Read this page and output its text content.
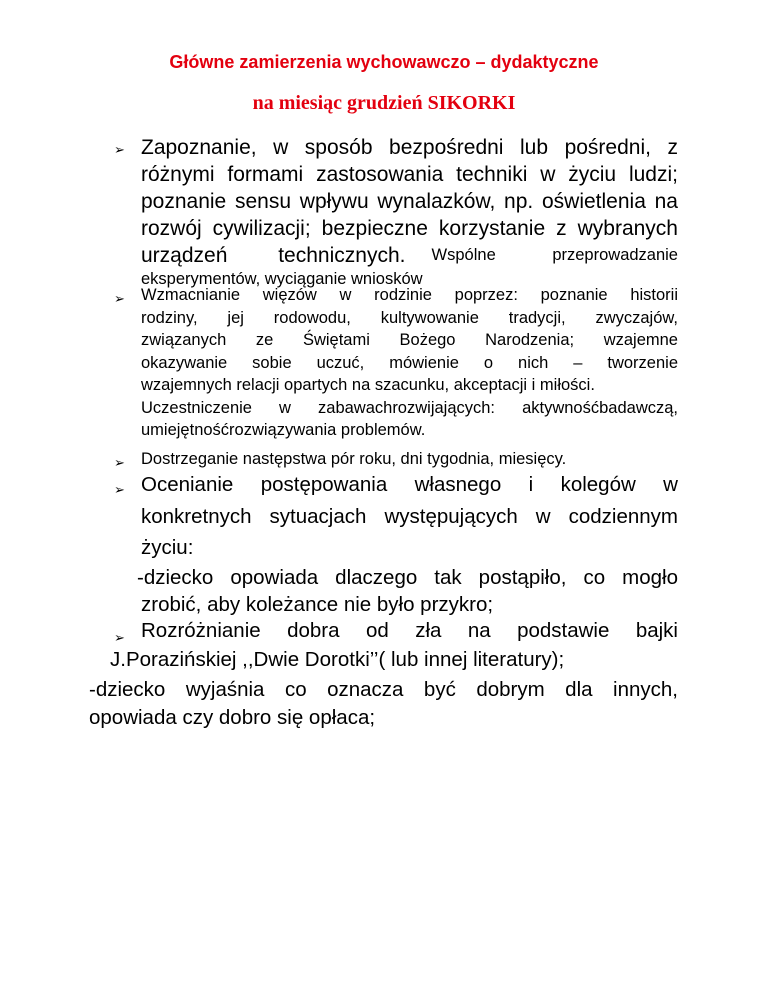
Główne zamierzenia wychowawczo – dydaktyczne
na miesiąc grudzień SIKORKI
➢ Zapoznanie, w sposób bezpośredni lub pośredni, z
różnymi formami zastosowania techniki w życiu ludzi;
poznanie sensu wpływu wynalazków, np. oświetlenia na
rozwój cywilizacji; bezpieczne korzystanie z wybranych
urządzeń technicznych. Wspólne przeprowadzanie
eksperymentów, wyciąganie wniosków
➢ Wzmacnianie więzów w rodzinie poprzez: poznanie historii
rodziny, jej rodowodu, kultywowanie tradycji, zwyczajów,
związanych ze Świętami Bożego Narodzenia; wzajemne
okazywanie sobie uczuć, mówienie o nich – tworzenie
wzajemnych relacji opartych na szacunku, akceptacji i miłości.
Uczestniczenie w zabawachrozwijających: aktywnośćbadawczą,
umiejętnośćrozwiązywania problemów.
➢ Dostrzeganie następstwa pór roku, dni tygodnia, miesięcy.
➢ Ocenianie postępowania własnego i kolegów w
konkretnych sytuacjach występujących w codziennym
życiu:
-dziecko opowiada dlaczego tak postąpiło, co mogło
zrobić, aby koleżance nie było przykro;
➢ Rozróżnianie dobra od zła na podstawie bajki
J.Porazińskiej ,,Dwie Dorotki’’( lub innej literatury);
-dziecko wyjaśnia co oznacza być dobrym dla innych,
opowiada czy dobro się opłaca;
